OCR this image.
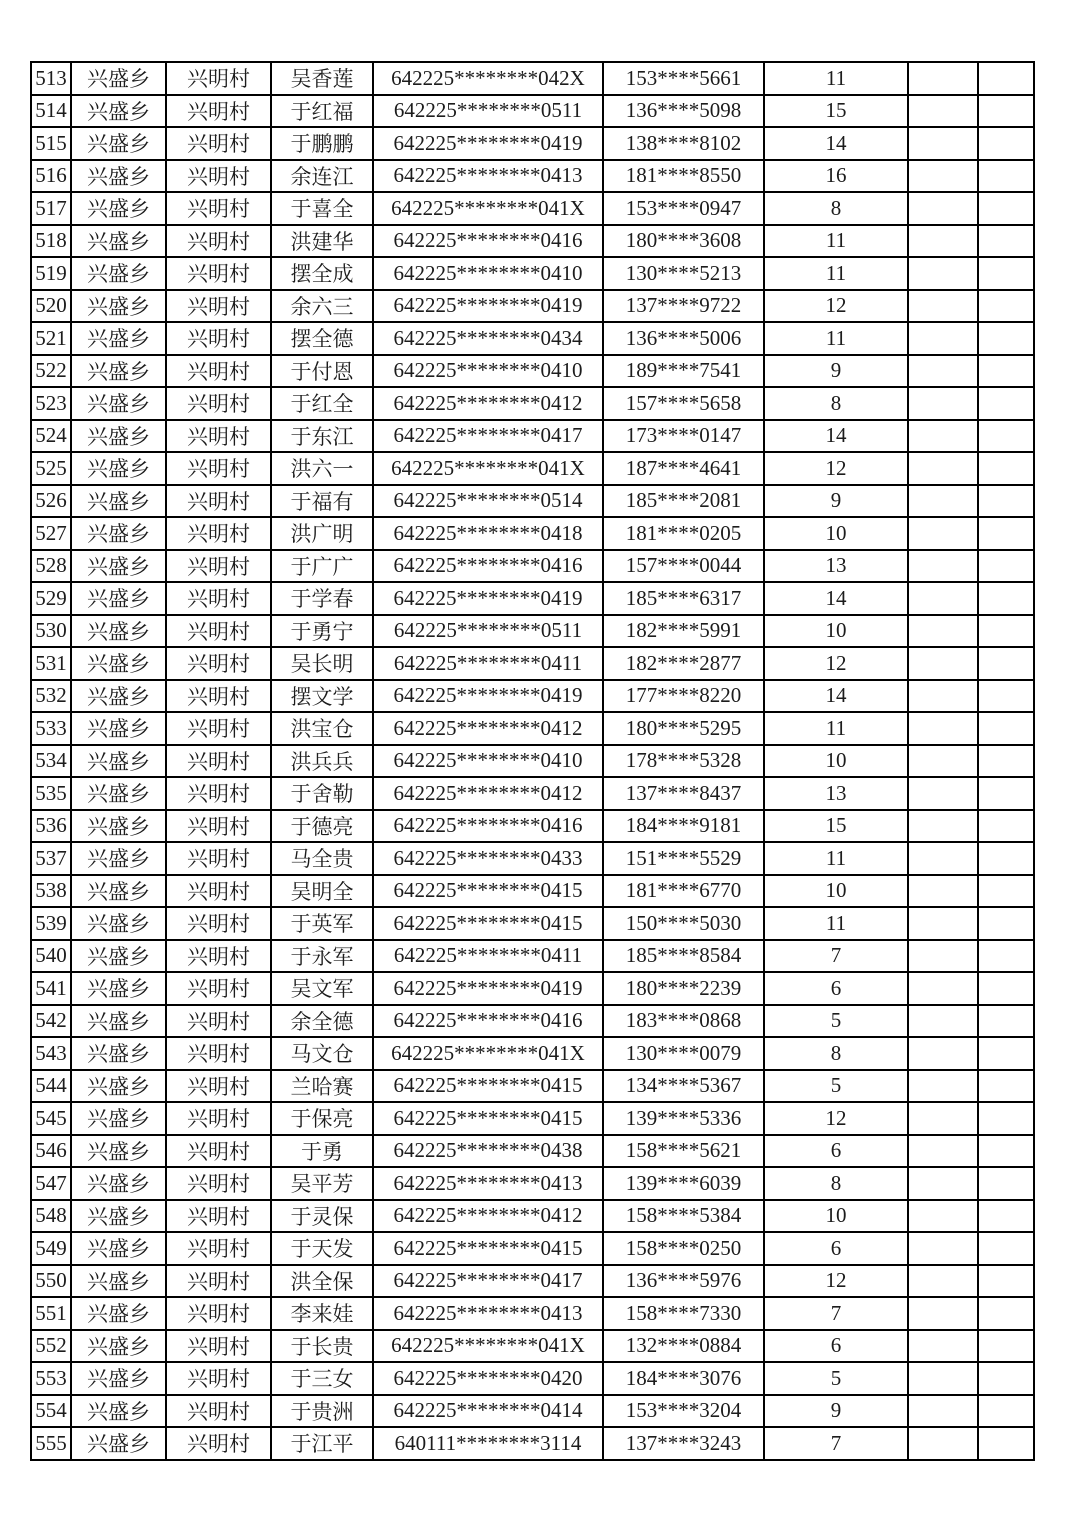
513	兴盛乡	兴明村	吴香莲	642225********042X	153****5661	11		
514	兴盛乡	兴明村	于红福	642225********0511	136****5098	15		
515	兴盛乡	兴明村	于鹏鹏	642225********0419	138****8102	14		
516	兴盛乡	兴明村	余连江	642225********0413	181****8550	16		
517	兴盛乡	兴明村	于喜全	642225********041X	153****0947	8		
518	兴盛乡	兴明村	洪建华	642225********0416	180****3608	11		
519	兴盛乡	兴明村	摆全成	642225********0410	130****5213	11		
520	兴盛乡	兴明村	余六三	642225********0419	137****9722	12		
521	兴盛乡	兴明村	摆全德	642225********0434	136****5006	11		
522	兴盛乡	兴明村	于付恩	642225********0410	189****7541	9		
523	兴盛乡	兴明村	于红全	642225********0412	157****5658	8		
524	兴盛乡	兴明村	于东江	642225********0417	173****0147	14		
525	兴盛乡	兴明村	洪六一	642225********041X	187****4641	12		
526	兴盛乡	兴明村	于福有	642225********0514	185****2081	9		
527	兴盛乡	兴明村	洪广明	642225********0418	181****0205	10		
528	兴盛乡	兴明村	于广广	642225********0416	157****0044	13		
529	兴盛乡	兴明村	于学春	642225********0419	185****6317	14		
530	兴盛乡	兴明村	于勇宁	642225********0511	182****5991	10		
531	兴盛乡	兴明村	吴长明	642225********0411	182****2877	12		
532	兴盛乡	兴明村	摆文学	642225********0419	177****8220	14		
533	兴盛乡	兴明村	洪宝仓	642225********0412	180****5295	11		
534	兴盛乡	兴明村	洪兵兵	642225********0410	178****5328	10		
535	兴盛乡	兴明村	于舍勒	642225********0412	137****8437	13		
536	兴盛乡	兴明村	于德亮	642225********0416	184****9181	15		
537	兴盛乡	兴明村	马全贵	642225********0433	151****5529	11		
538	兴盛乡	兴明村	吴明全	642225********0415	181****6770	10		
539	兴盛乡	兴明村	于英军	642225********0415	150****5030	11		
540	兴盛乡	兴明村	于永军	642225********0411	185****8584	7		
541	兴盛乡	兴明村	吴文军	642225********0419	180****2239	6		
542	兴盛乡	兴明村	余全德	642225********0416	183****0868	5		
543	兴盛乡	兴明村	马文仓	642225********041X	130****0079	8		
544	兴盛乡	兴明村	兰哈赛	642225********0415	134****5367	5		
545	兴盛乡	兴明村	于保亮	642225********0415	139****5336	12		
546	兴盛乡	兴明村	于勇	642225********0438	158****5621	6		
547	兴盛乡	兴明村	吴平芳	642225********0413	139****6039	8		
548	兴盛乡	兴明村	于灵保	642225********0412	158****5384	10		
549	兴盛乡	兴明村	于天发	642225********0415	158****0250	6		
550	兴盛乡	兴明村	洪全保	642225********0417	136****5976	12		
551	兴盛乡	兴明村	李来娃	642225********0413	158****7330	7		
552	兴盛乡	兴明村	于长贵	642225********041X	132****0884	6		
553	兴盛乡	兴明村	于三女	642225********0420	184****3076	5		
554	兴盛乡	兴明村	于贵洲	642225********0414	153****3204	9		
555	兴盛乡	兴明村	于江平	640111********3114	137****3243	7		
